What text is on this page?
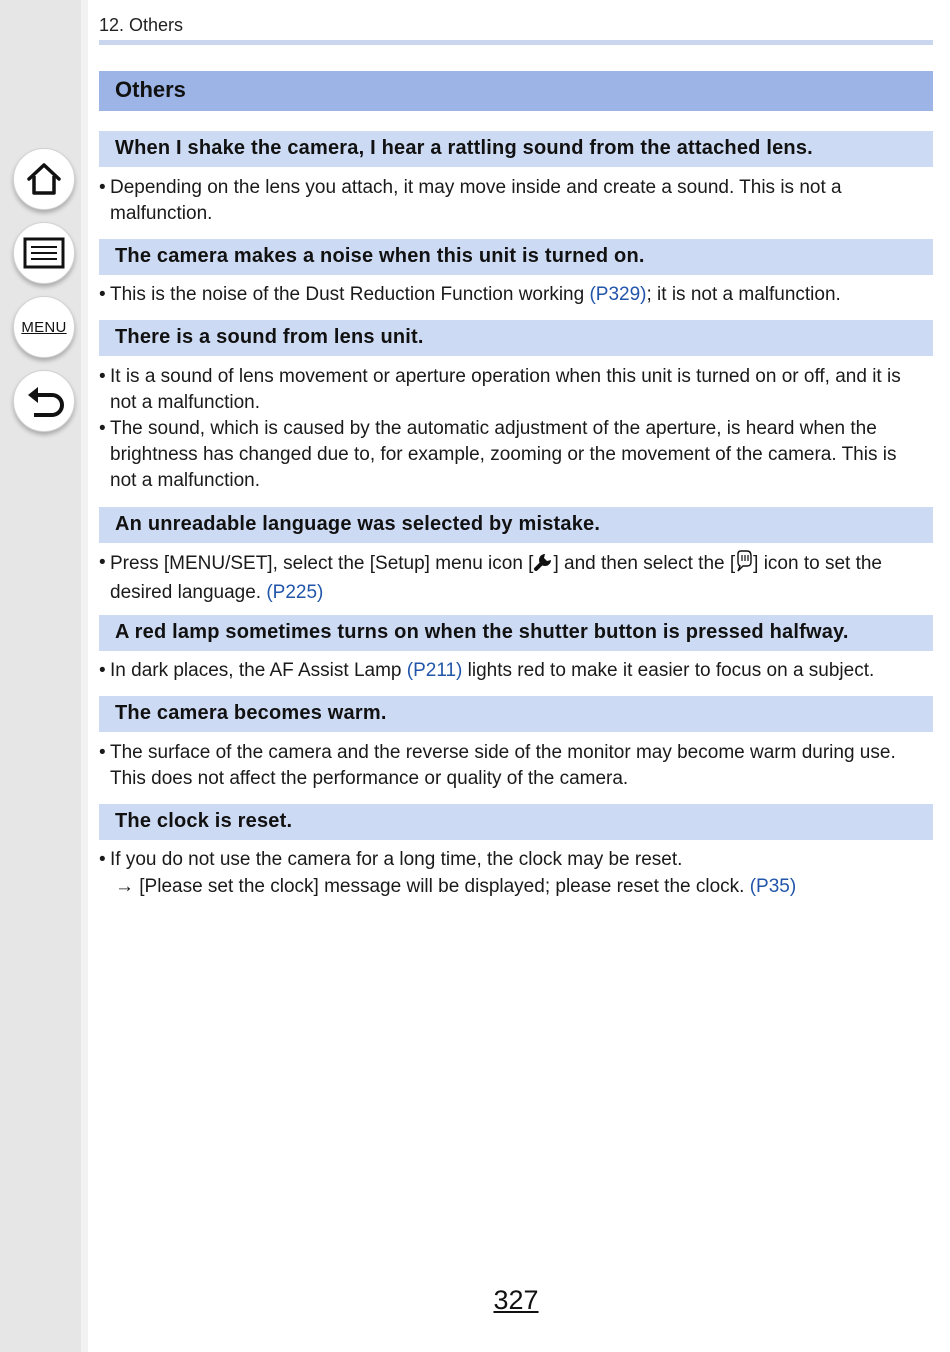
MENU
12. Others
Others
When I shake the camera, I hear a rattling sound from the attached lens.
• Depending on the lens you attach, it may move inside and create a sound. This is not a
malfunction.
The camera makes a noise when this unit is turned on.
• This is the noise of the Dust Reduction Function working (P329); it is not a malfunction.
There is a sound from lens unit.
• It is a sound of lens movement or aperture operation when this unit is turned on or off, and it is
not a malfunction.
• The sound, which is caused by the automatic adjustment of the aperture, is heard when the
brightness has changed due to, for example, zooming or the movement of the camera. This is
not a malfunction.
An unreadable language was selected by mistake.
• Press [MENU/SET], select the [Setup] menu icon [ ] and then select the [ ] icon to set the
desired language. (P225)
A red lamp sometimes turns on when the shutter button is pressed halfway.
• In dark places, the AF Assist Lamp (P211) lights red to make it easier to focus on a subject.
The camera becomes warm.
• The surface of the camera and the reverse side of the monitor may become warm during use.
This does not affect the performance or quality of the camera.
The clock is reset.
• If you do not use the camera for a long time, the clock may be reset.
→ [Please set the clock] message will be displayed; please reset the clock. (P35)
327
